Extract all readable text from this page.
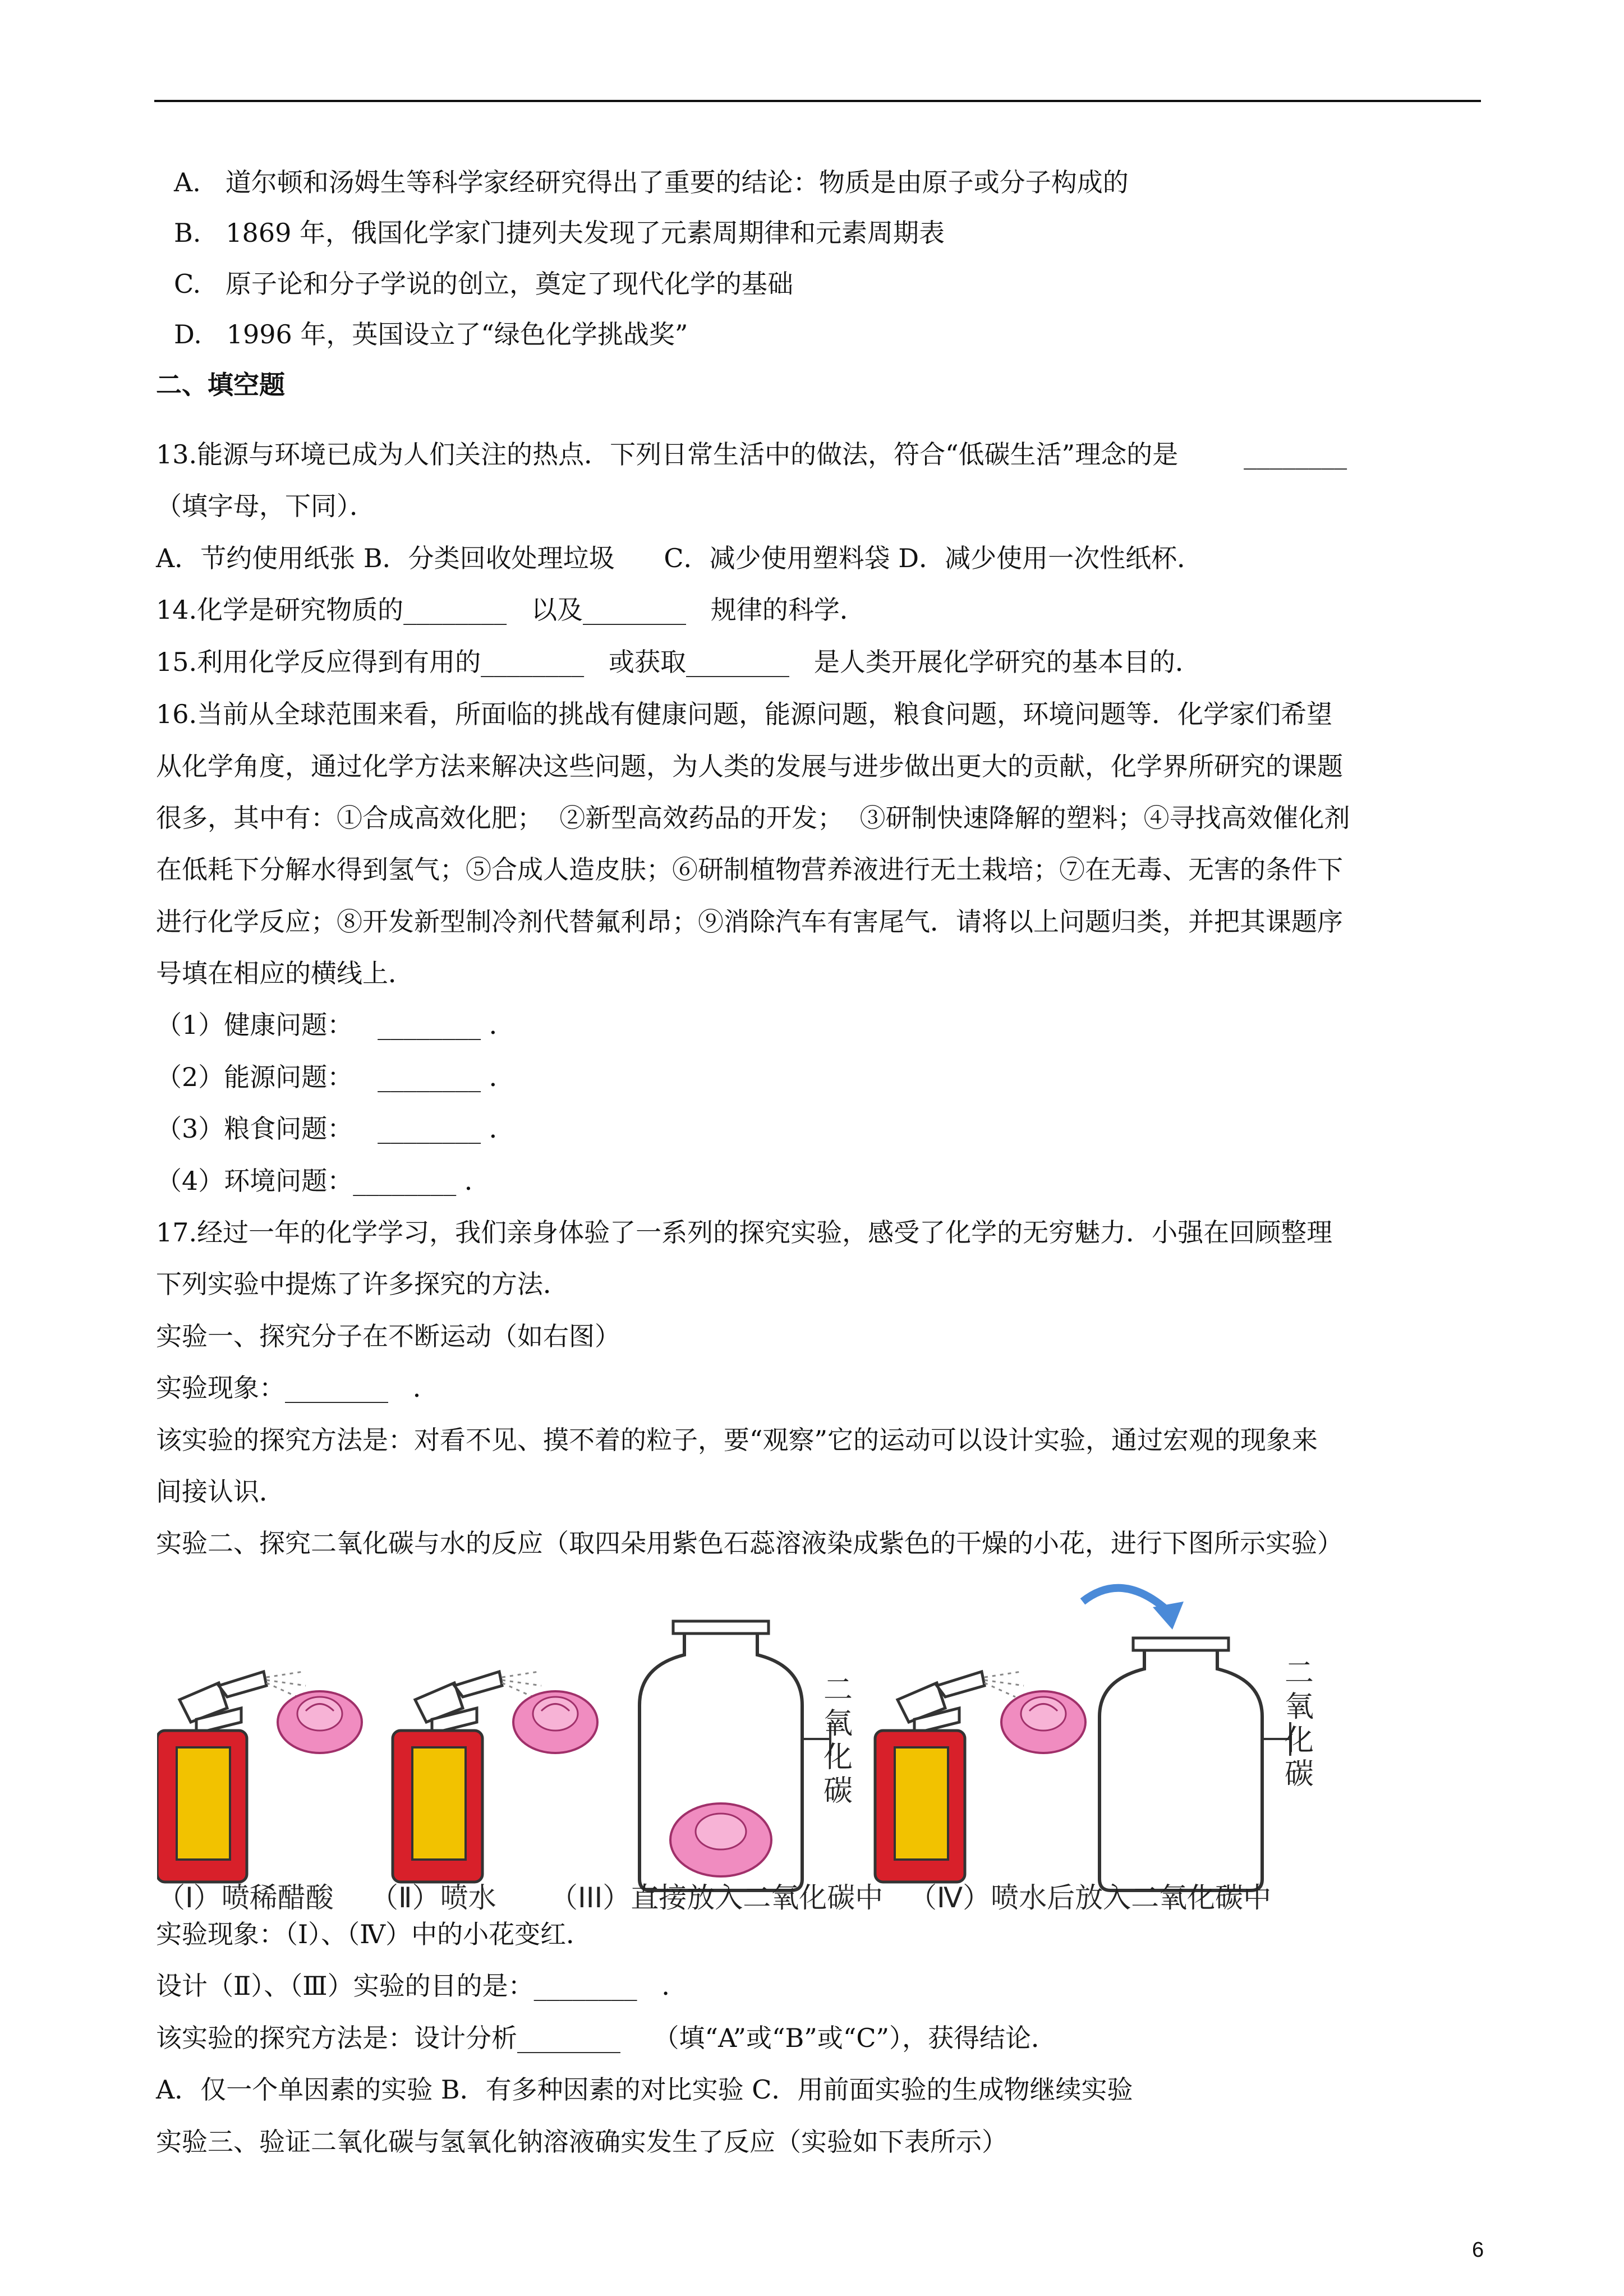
A.   道尔顿和汤姆生等科学家经研究得出了重要的结论：物质是由原子或分子构成的
B.   1869 年，俄国化学家门捷列夫发现了元素周期律和元素周期表
C.   原子论和分子学说的创立，奠定了现代化学的基础
D.   1996 年，英国设立了“绿色化学挑战奖”
二、填空题
13.能源与环境已成为人们关注的热点．下列日常生活中的做法，符合“低碳生活”理念的是        ________
（填字母，下同）．
A．节约使用纸张 B．分类回收处理垃圾      C．减少使用塑料袋 D．减少使用一次性纸杯．
14.化学是研究物质的________   以及________   规律的科学．
15.利用化学反应得到有用的________   或获取________   是人类开展化学研究的基本目的．
16.当前从全球范围来看，所面临的挑战有健康问题，能源问题，粮食问题，环境问题等．化学家们希望
从化学角度，通过化学方法来解决这些问题，为人类的发展与进步做出更大的贡献，化学界所研究的课题
很多，其中有：①合成高效化肥；  ②新型高效药品的开发；  ③研制快速降解的塑料；④寻找高效催化剂
在低耗下分解水得到氢气；⑤合成人造皮肤；⑥研制植物营养液进行无土栽培；⑦在无毒、无害的条件下
进行化学反应；⑧开发新型制冷剂代替氟利昂；⑨消除汽车有害尾气．请将以上问题归类，并把其课题序
号填在相应的横线上．
（1）健康问题：   ________ ．
（2）能源问题：   ________ ．
（3）粮食问题：   ________ ．
（4）环境问题：________ ．
17.经过一年的化学学习，我们亲身体验了一系列的探究实验，感受了化学的无穷魅力．小强在回顾整理
下列实验中提炼了许多探究的方法．
实验一、探究分子在不断运动（如右图）
实验现象：________   ．
该实验的探究方法是：对看不见、摸不着的粒子，要“观察”它的运动可以设计实验，通过宏观的现象来
间接认识．
实验二、探究二氧化碳与水的反应（取四朵用紫色石蕊溶液染成紫色的干燥的小花，进行下图所示实验）
二
氧
化
碳
二
氧
化
碳
（I）喷稀醋酸 （Ⅱ）喷水 （III）直接放入二氧化碳中 （Ⅳ）喷水后放入二氧化碳中
实验现象：（Ⅰ）、（Ⅳ）中的小花变红．
设计（Ⅱ）、（Ⅲ）实验的目的是：________   ．
该实验的探究方法是：设计分析________    （填“A”或“B”或“C”），获得结论．
A．仅一个单因素的实验 B．有多种因素的对比实验 C．用前面实验的生成物继续实验
实验三、验证二氧化碳与氢氧化钠溶液确实发生了反应（实验如下表所示）
6
